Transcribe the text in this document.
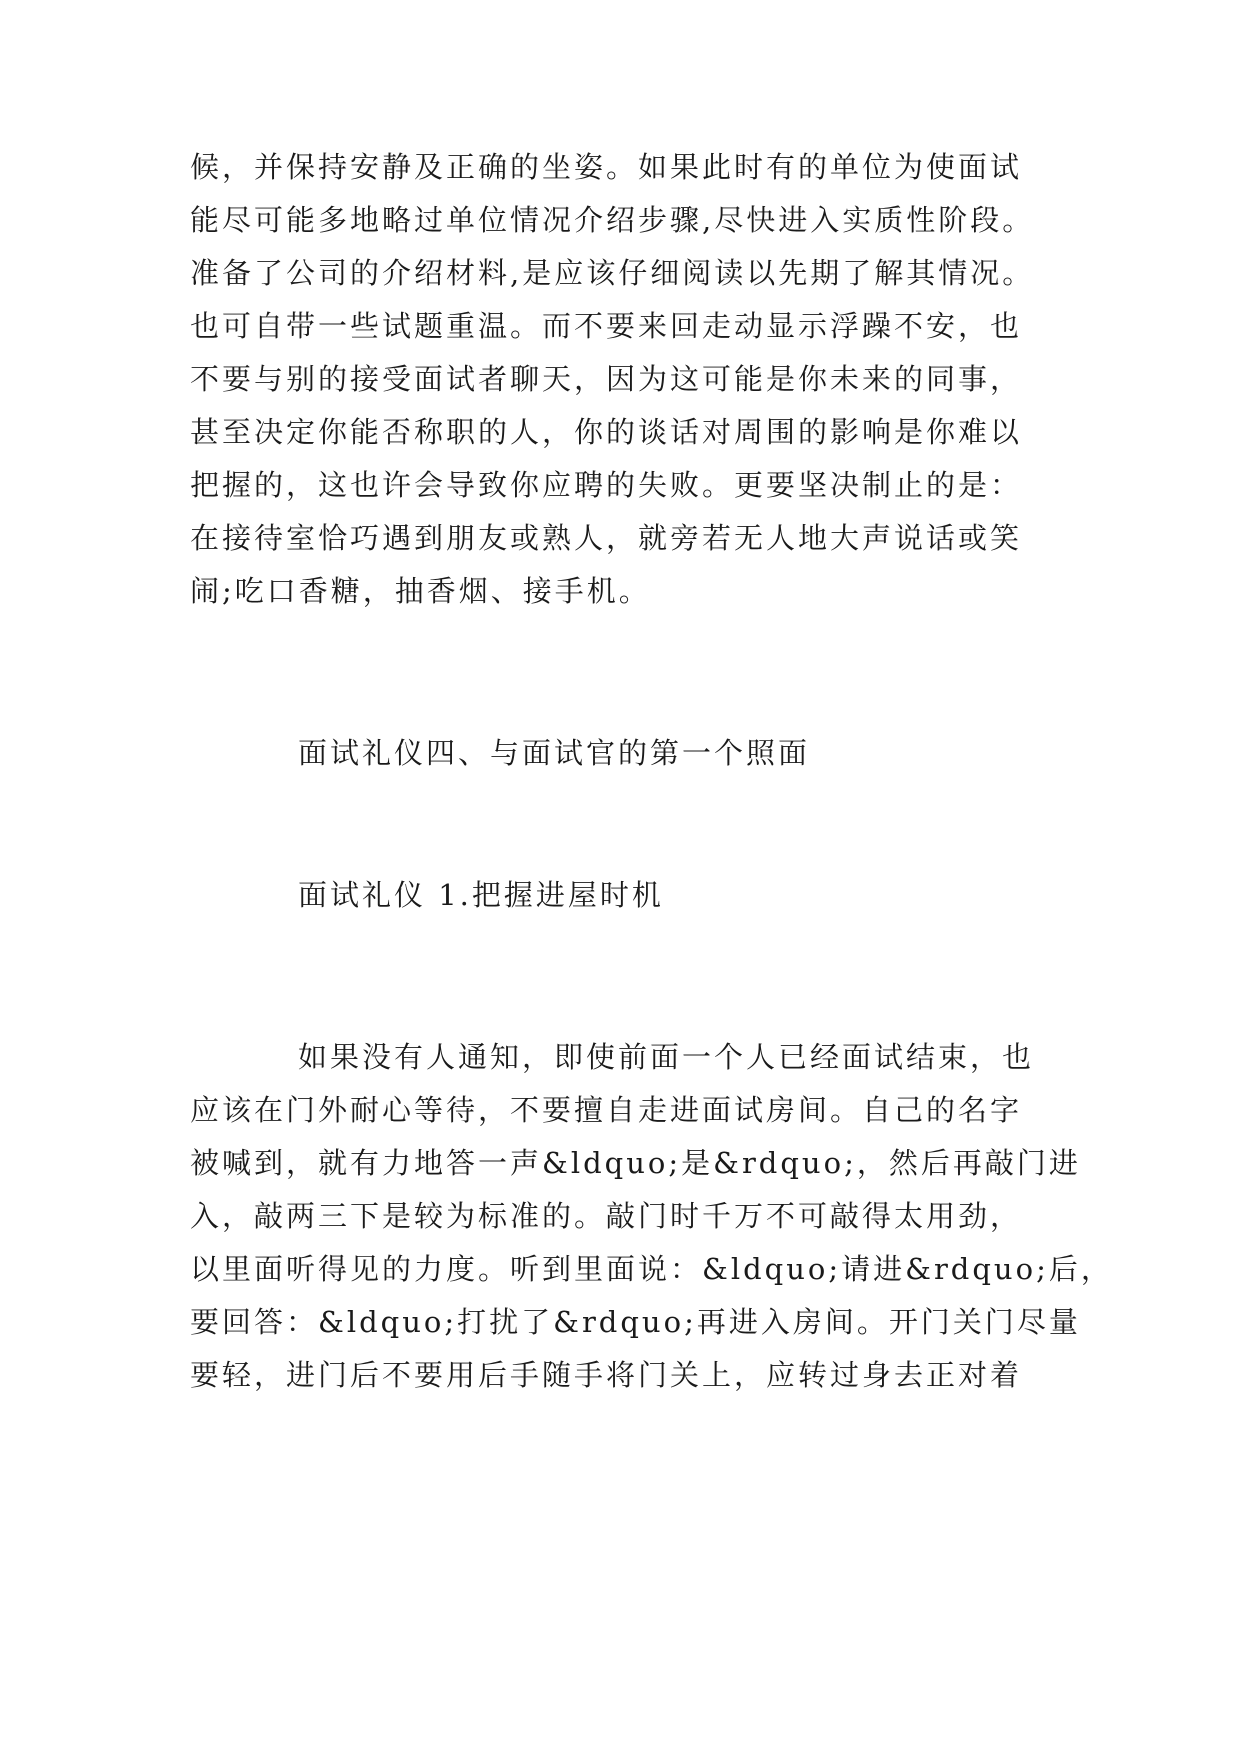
候，并保持安静及正确的坐姿。如果此时有的单位为使面试
能尽可能多地略过单位情况介绍步骤,尽快进入实质性阶段。
准备了公司的介绍材料,是应该仔细阅读以先期了解其情况。
也可自带一些试题重温。而不要来回走动显示浮躁不安，也
不要与别的接受面试者聊天，因为这可能是你未来的同事，
甚至决定你能否称职的人，你的谈话对周围的影响是你难以
把握的，这也许会导致你应聘的失败。更要坚决制止的是：
在接待室恰巧遇到朋友或熟人，就旁若无人地大声说话或笑
闹;吃口香糖，抽香烟、接手机。
面试礼仪四、与面试官的第一个照面
面试礼仪 1.把握进屋时机
如果没有人通知，即使前面一个人已经面试结束，也
应该在门外耐心等待，不要擅自走进面试房间。自己的名字
被喊到，就有力地答一声&ldquo;是&rdquo;，然后再敲门进
入，敲两三下是较为标准的。敲门时千万不可敲得太用劲，
以里面听得见的力度。听到里面说：&ldquo;请进&rdquo;后，
要回答：&ldquo;打扰了&rdquo;再进入房间。开门关门尽量
要轻，进门后不要用后手随手将门关上，应转过身去正对着
